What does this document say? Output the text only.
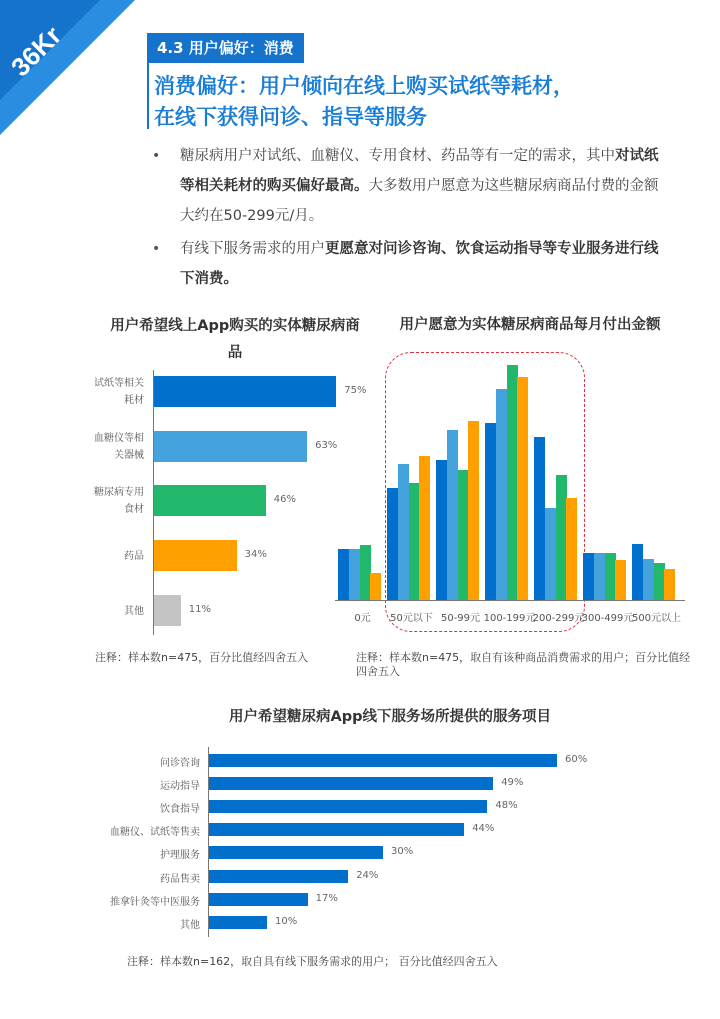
36Kr	4.3 用户偏好：消费
消费偏好：用户倾向在线上购买试纸等耗材，
在线下获得问诊、指导等服务
• 糖尿病用户对试纸、血糖仪、专用食材、药品等有一定的需求，其中对试纸等相关耗材的购买偏好最高。大多数用户愿意为这些糖尿病商品付费的金额大约在50-299元/月。
• 有线下服务需求的用户更愿意对问诊咨询、饮食运动指导等专业服务进行线下消费。
用户希望线上App购买的实体糖尿病商品
75%
试纸等相关
耗材
63%
血糖仪等相
关器械
46%
糖尿病专用
食材
34%
药品
11%
其他
注释：样本数n=475，百分比值经四舍五入
用户愿意为实体糖尿病商品每月付出金额
0元	50元以下 50-99元 100-199元
200-299元
300-499元
500元以上
注释：样本数n=475，取自有该种商品消费需求的用户；百分比值经四舍五入
用户希望糖尿病App线下服务场所提供的服务项目
60%
问诊咨询
49%
运动指导
48%
饮食指导
44%
血糖仪、试纸等售卖
30%
护理服务
24%
药品售卖
17%
推拿针灸等中医服务
10%
其他
注释：样本数n=162，取自具有线下服务需求的用户； 百分比值经四舍五入
